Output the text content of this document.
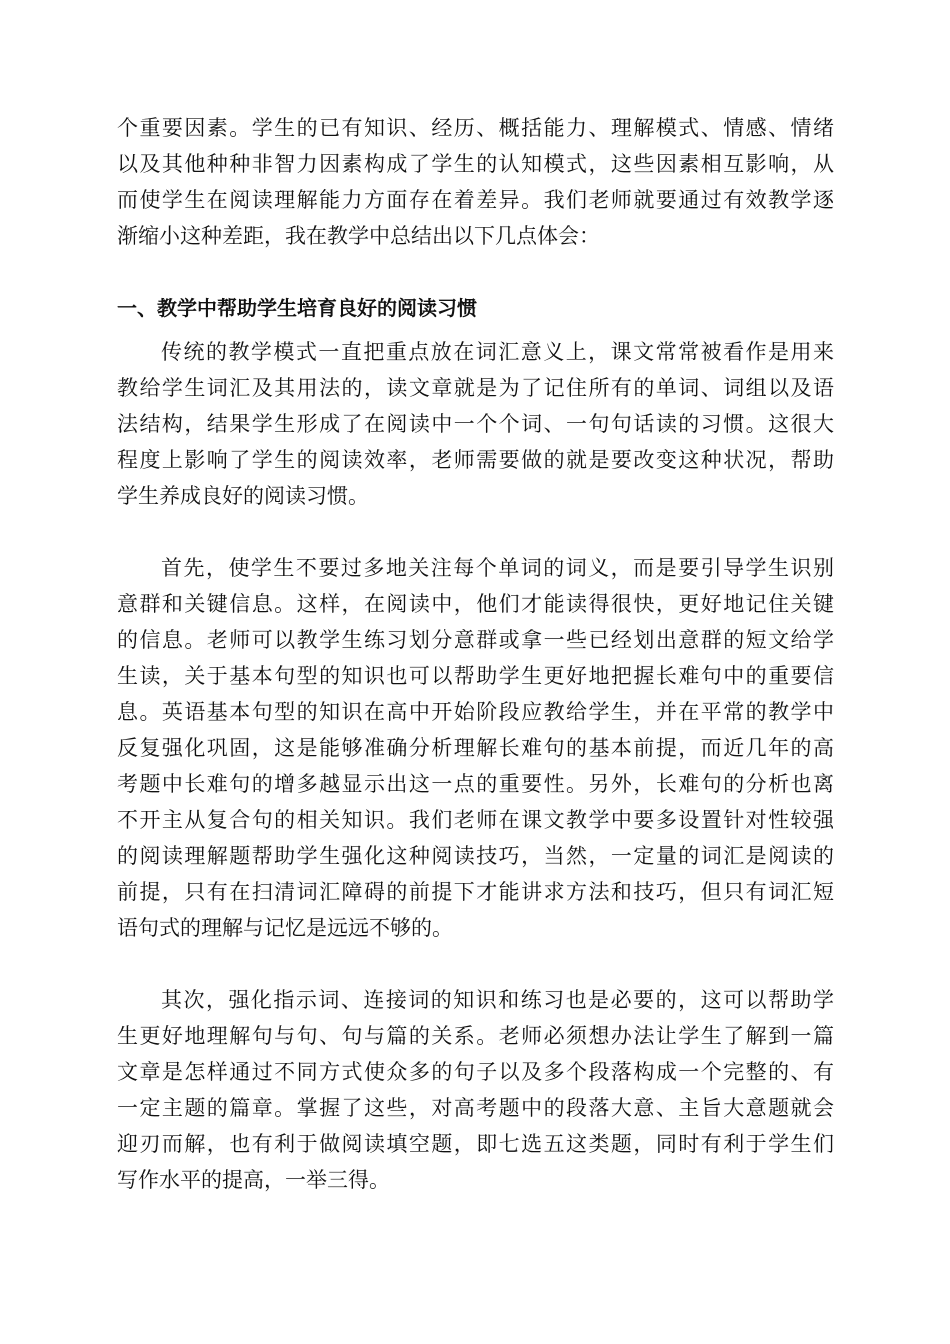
个重要因素。学生的已有知识、经历、概括能力、理解模式、情感、情绪
以及其他种种非智力因素构成了学生的认知模式，这些因素相互影响，从
而使学生在阅读理解能力方面存在着差异。我们老师就要通过有效教学逐
渐缩小这种差距，我在教学中总结出以下几点体会：
一、教学中帮助学生培育良好的阅读习惯
传统的教学模式一直把重点放在词汇意义上，课文常常被看作是用来
教给学生词汇及其用法的，读文章就是为了记住所有的单词、词组以及语
法结构，结果学生形成了在阅读中一个个词、一句句话读的习惯。这很大
程度上影响了学生的阅读效率，老师需要做的就是要改变这种状况，帮助
学生养成良好的阅读习惯。
首先，使学生不要过多地关注每个单词的词义，而是要引导学生识别
意群和关键信息。这样，在阅读中，他们才能读得很快，更好地记住关键
的信息。老师可以教学生练习划分意群或拿一些已经划出意群的短文给学
生读，关于基本句型的知识也可以帮助学生更好地把握长难句中的重要信
息。英语基本句型的知识在高中开始阶段应教给学生，并在平常的教学中
反复强化巩固，这是能够准确分析理解长难句的基本前提，而近几年的高
考题中长难句的增多越显示出这一点的重要性。另外，长难句的分析也离
不开主从复合句的相关知识。我们老师在课文教学中要多设置针对性较强
的阅读理解题帮助学生强化这种阅读技巧，当然，一定量的词汇是阅读的
前提，只有在扫清词汇障碍的前提下才能讲求方法和技巧，但只有词汇短
语句式的理解与记忆是远远不够的。
其次，强化指示词、连接词的知识和练习也是必要的，这可以帮助学
生更好地理解句与句、句与篇的关系。老师必须想办法让学生了解到一篇
文章是怎样通过不同方式使众多的句子以及多个段落构成一个完整的、有
一定主题的篇章。掌握了这些，对高考题中的段落大意、主旨大意题就会
迎刃而解，也有利于做阅读填空题，即七选五这类题，同时有利于学生们
写作水平的提高，一举三得。
